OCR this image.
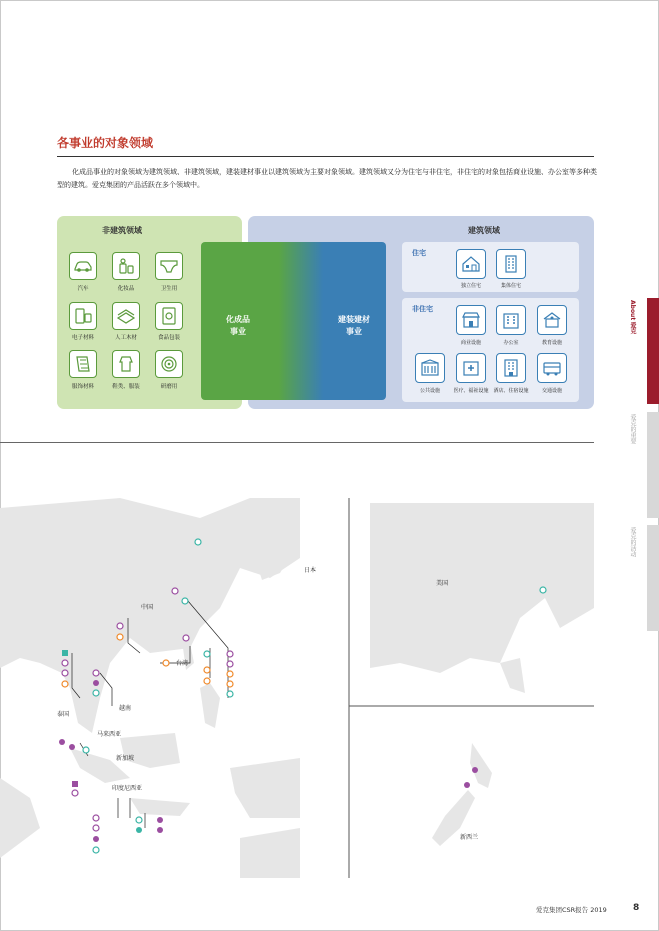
各事业的对象领域

化成品事业的对象领域为建筑领域、非建筑领域，建装建材事业以建筑领域为主要对象领域。建筑领域又分为住宅与非住宅，非住宅的对象包括商业设施、办公室等多种类型的建筑。爱克集团的产品活跃在多个领域中。

非建筑领域	建筑领域
汽车	化妆品	卫生用
电子材料	人工木材	食品包装
服饰材料	鞋类、服装	研磨用
化成品
事业
建装建材
事业
住宅
独立住宅	集体住宅
非住宅
商业设施	办公室	教育设施
公共设施	医疗、福祉设施 酒店、住宿设施	交通设施
日本
中国
台湾
泰国
越南
马来西亚
新加坡
印度尼西亚
美国
新西兰
About 爱克
爱克的重要
爱克的活动
爱克集团CSR报告 2019	8
